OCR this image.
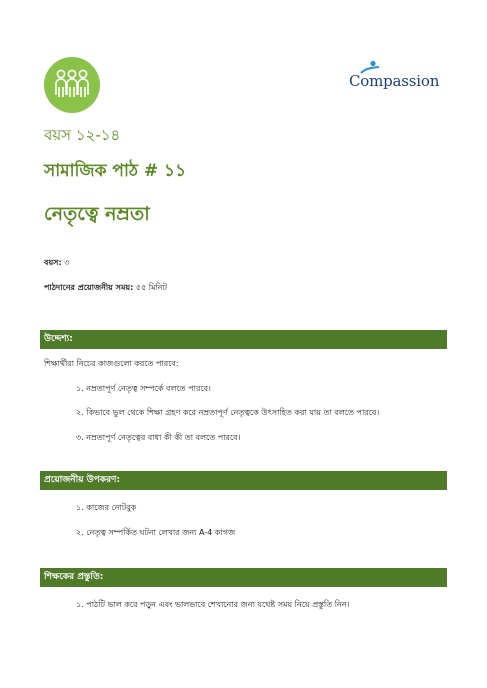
Compassion
বয়স ১২-১৪
সামাজিক পাঠ # ১১
নেতৃত্বে নম্রতা
বয়স: ৩
পাঠদানের প্রয়োজনীয় সময়: ৫৫ মিনিট
উদ্দেশ্য:
শিক্ষার্থীরা নিচের কাজগুলো করতে পারবে:
১. নম্রতাপূর্ণ নেতৃত্ব সম্পর্কে বলতে পারবে।
২. কিভাবে ভুল থেকে শিক্ষা গ্রহণ করে নম্রতাপূর্ণ নেতৃত্বকে উৎসাহিত করা যায় তা বলতে পারবে।
৩. নম্রতাপূর্ণ নেতৃত্বের বাধা কী কী তা বলতে পারবে।
প্রয়োজনীয় উপকরণ:
১. কাজের নোটবুক
২. নেতৃত্ব সম্পর্কিত ঘটনা লেখার জন্য A-4 কাগজ
শিক্ষকের প্রস্তুতি:
১. পাঠটি ভাল করে পড়ুন এবং ভালভাবে শেখানোর জন্য যথেষ্ট সময় নিয়ে প্রস্তুতি নিন।
